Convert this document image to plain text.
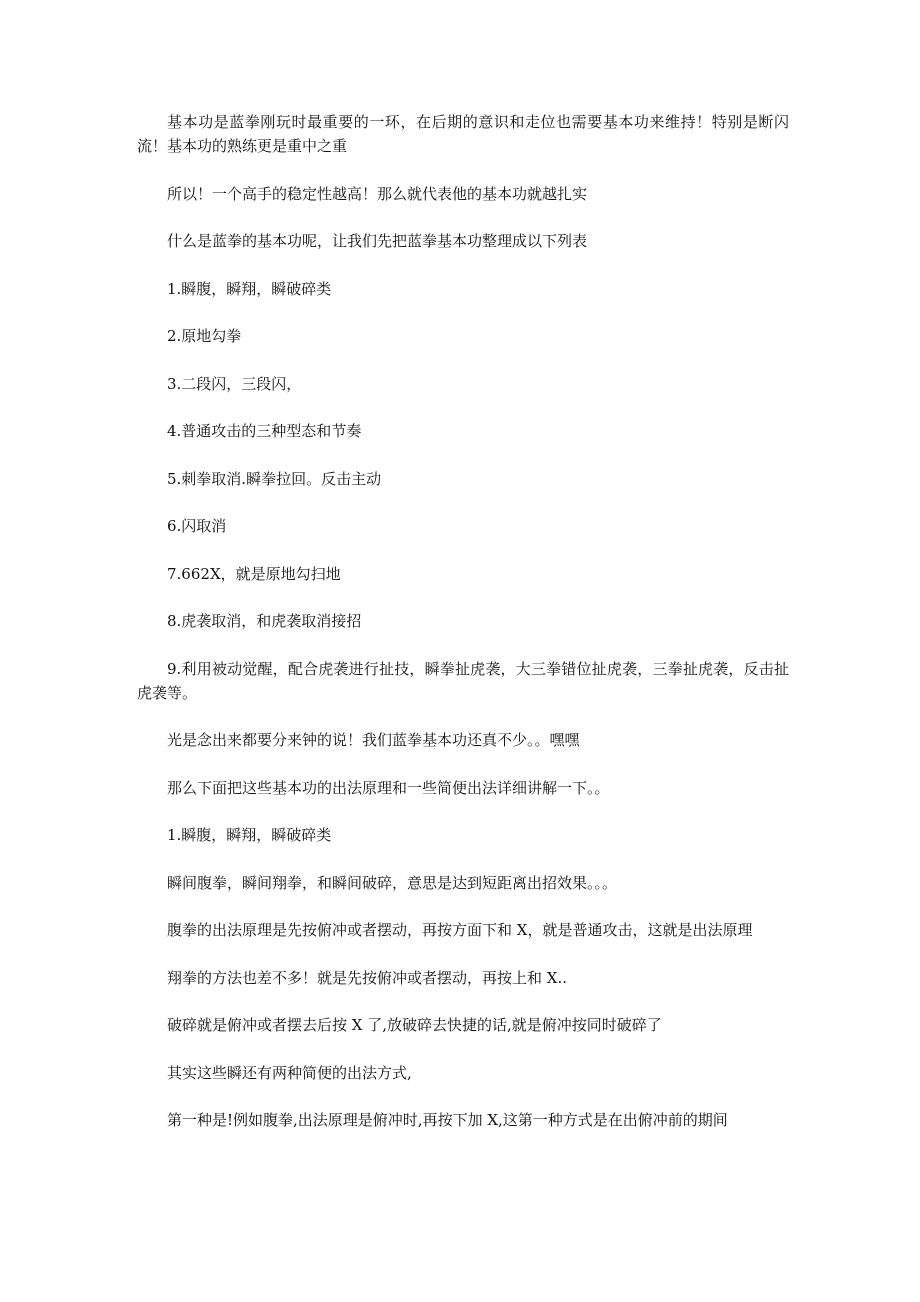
基本功是蓝拳刚玩时最重要的一环，在后期的意识和走位也需要基本功来维持！特别是断闪流！基本功的熟练更是重中之重

所以！一个高手的稳定性越高！那么就代表他的基本功就越扎实

什么是蓝拳的基本功呢，让我们先把蓝拳基本功整理成以下列表

1.瞬腹，瞬翔，瞬破碎类

2.原地勾拳

3.二段闪，三段闪，

4.普通攻击的三种型态和节奏

5.刺拳取消.瞬拳拉回。反击主动

6.闪取消

7.662X，就是原地勾扫地

8.虎袭取消，和虎袭取消接招

9.利用被动觉醒，配合虎袭进行扯技，瞬拳扯虎袭，大三拳错位扯虎袭，三拳扯虎袭，反击扯虎袭等。

光是念出来都要分来钟的说！我们蓝拳基本功还真不少。。嘿嘿

那么下面把这些基本功的出法原理和一些简便出法详细讲解一下。。

1.瞬腹，瞬翔，瞬破碎类

瞬间腹拳，瞬间翔拳，和瞬间破碎，意思是达到短距离出招效果。。。

腹拳的出法原理是先按俯冲或者摆动，再按方面下和 X，就是普通攻击，这就是出法原理

翔拳的方法也差不多！就是先按俯冲或者摆动，再按上和 X..

破碎就是俯冲或者摆去后按 X 了,放破碎去快捷的话,就是俯冲按同时破碎了

其实这些瞬还有两种简便的出法方式,

第一种是!例如腹拳,出法原理是俯冲时,再按下加 X,这第一种方式是在出俯冲前的期间
